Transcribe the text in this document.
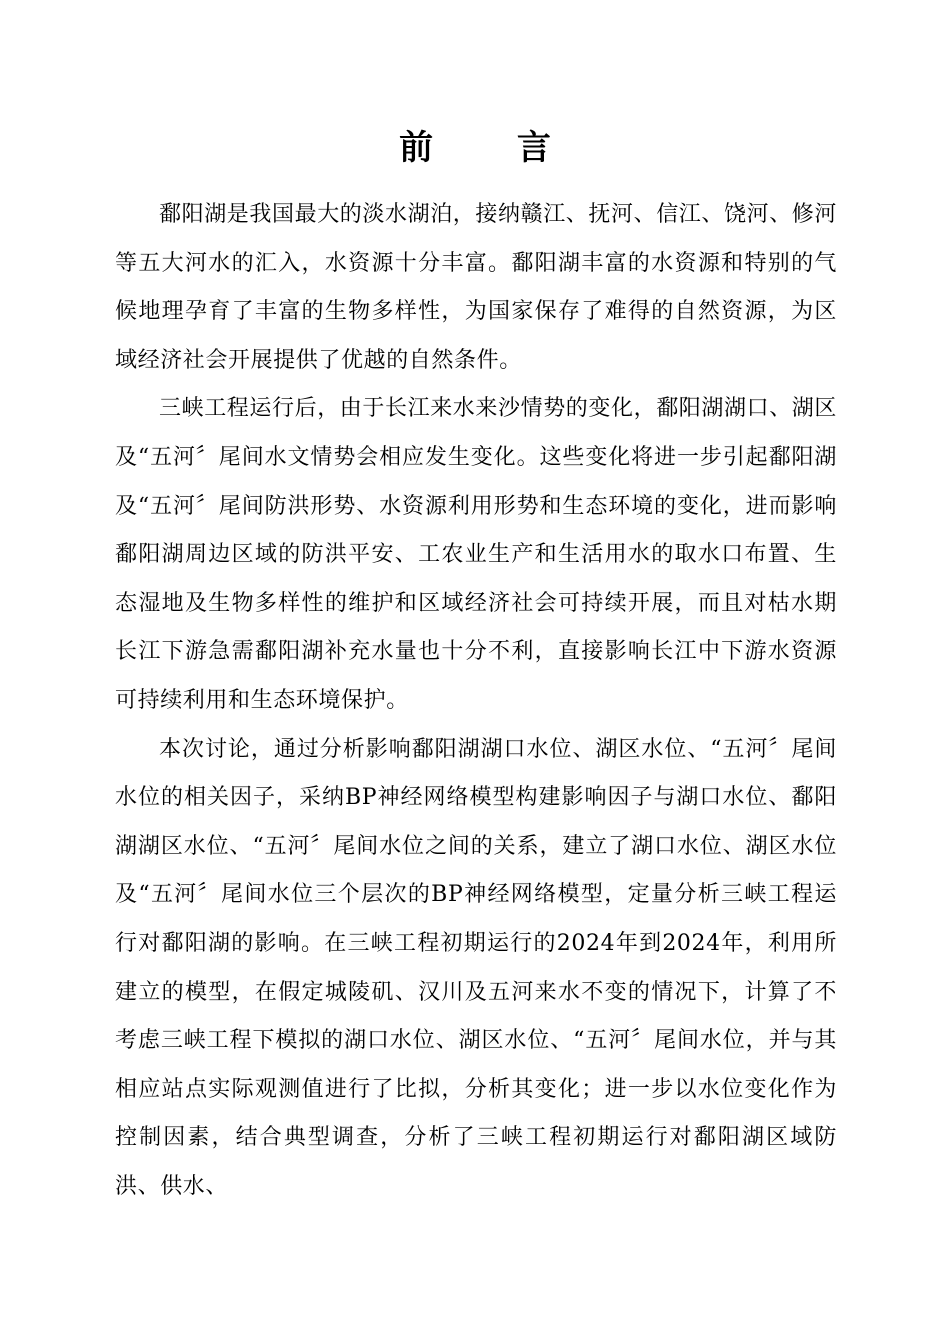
前 言

鄱阳湖是我国最大的淡水湖泊，接纳赣江、抚河、信江、饶河、修河等五大河水的汇入，水资源十分丰富。鄱阳湖丰富的水资源和特别的气候地理孕育了丰富的生物多样性，为国家保存了难得的自然资源，为区域经济社会开展提供了优越的自然条件。

三峡工程运行后，由于长江来水来沙情势的变化，鄱阳湖湖口、湖区及“五河〞尾间水文情势会相应发生变化。这些变化将进一步引起鄱阳湖及“五河〞尾间防洪形势、水资源利用形势和生态环境的变化，进而影响鄱阳湖周边区域的防洪平安、工农业生产和生活用水的取水口布置、生态湿地及生物多样性的维护和区域经济社会可持续开展，而且对枯水期长江下游急需鄱阳湖补充水量也十分不利，直接影响长江中下游水资源可持续利用和生态环境保护。

本次讨论，通过分析影响鄱阳湖湖口水位、湖区水位、“五河〞尾间水位的相关因子，采纳BP神经网络模型构建影响因子与湖口水位、鄱阳湖湖区水位、“五河〞尾间水位之间的关系，建立了湖口水位、湖区水位及“五河〞尾间水位三个层次的BP神经网络模型，定量分析三峡工程运行对鄱阳湖的影响。在三峡工程初期运行的2024年到2024年，利用所建立的模型，在假定城陵矶、汉川及五河来水不变的情况下，计算了不考虑三峡工程下模拟的湖口水位、湖区水位、“五河〞尾间水位，并与其相应站点实际观测值进行了比拟，分析其变化；进一步以水位变化作为控制因素，结合典型调查，分析了三峡工程初期运行对鄱阳湖区域防洪、供水、
